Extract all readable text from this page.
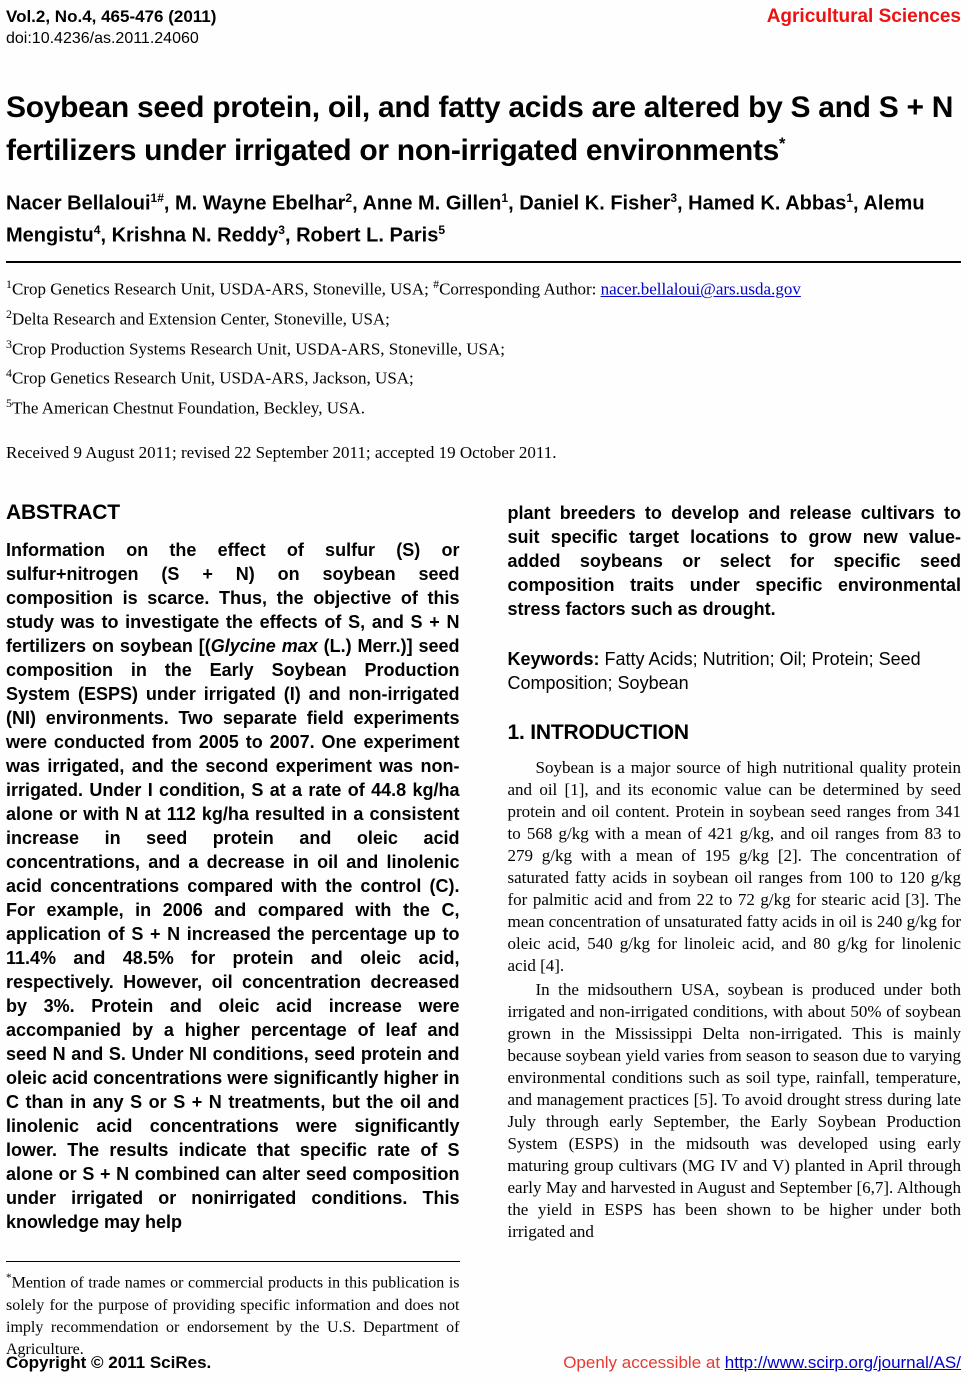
Vol.2, No.4, 465-476 (2011)
doi:10.4236/as.2011.24060
Agricultural Sciences
Soybean seed protein, oil, and fatty acids are altered by S and S + N fertilizers under irrigated or non-irrigated environments*
Nacer Bellaloui$^{1\#}$, M. Wayne Ebelhar$^2$, Anne M. Gillen$^1$, Daniel K. Fisher$^3$, Hamed K. Abbas$^1$, Alemu Mengistu$^4$, Krishna N. Reddy$^3$, Robert L. Paris$^5$
$^1$Crop Genetics Research Unit, USDA-ARS, Stoneville, USA; #Corresponding Author: nacer.bellaloui@ars.usda.gov
$^2$Delta Research and Extension Center, Stoneville, USA;
$^3$Crop Production Systems Research Unit, USDA-ARS, Stoneville, USA;
$^4$Crop Genetics Research Unit, USDA-ARS, Jackson, USA;
$^5$The American Chestnut Foundation, Beckley, USA.
Received 9 August 2011; revised 22 September 2011; accepted 19 October 2011.
ABSTRACT

Information on the effect of sulfur (S) or sulfur+nitrogen (S + N) on soybean seed composition is scarce. Thus, the objective of this study was to investigate the effects of S, and S + N fertilizers on soybean [(Glycine max (L.) Merr.)] seed composition in the Early Soybean Production System (ESPS) under irrigated (I) and non-irrigated (NI) environments. Two separate field experiments were conducted from 2005 to 2007. One experiment was irrigated, and the second experiment was non-irrigated. Under I condition, S at a rate of 44.8 kg/ha alone or with N at 112 kg/ha resulted in a consistent increase in seed protein and oleic acid concentrations, and a decrease in oil and linolenic acid concentrations compared with the control (C). For example, in 2006 and compared with the C, application of S + N increased the percentage up to 11.4% and 48.5% for protein and oleic acid, respectively. However, oil concentration decreased by 3%. Protein and oleic acid increase were accompanied by a higher percentage of leaf and seed N and S. Under NI conditions, seed protein and oleic acid concentrations were significantly higher in C than in any S or S + N treatments, but the oil and linolenic acid concentrations were significantly lower. The results indicate that specific rate of S alone or S + N combined can alter seed composition under irrigated or nonirrigated conditions. This knowledge may help

*Mention of trade names or commercial products in this publication is solely for the purpose of providing specific information and does not imply recommendation or endorsement by the U.S. Department of Agriculture.

plant breeders to develop and release cultivars to suit specific target locations to grow new value-added soybeans or select for specific seed composition traits under specific environmental stress factors such as drought.

Keywords: Fatty Acids; Nutrition; Oil; Protein; Seed Composition; Soybean

1. INTRODUCTION

Soybean is a major source of high nutritional quality protein and oil [1], and its economic value can be determined by seed protein and oil content. Protein in soybean seed ranges from 341 to 568 g/kg with a mean of 421 g/kg, and oil ranges from 83 to 279 g/kg with a mean of 195 g/kg [2]. The concentration of saturated fatty acids in soybean oil ranges from 100 to 120 g/kg for palmitic acid and from 22 to 72 g/kg for stearic acid [3]. The mean concentration of unsaturated fatty acids in oil is 240 g/kg for oleic acid, 540 g/kg for linoleic acid, and 80 g/kg for linolenic acid [4].

In the midsouthern USA, soybean is produced under both irrigated and non-irrigated conditions, with about 50% of soybean grown in the Mississippi Delta non-irrigated. This is mainly because soybean yield varies from season to season due to varying environmental conditions such as soil type, rainfall, temperature, and management practices [5]. To avoid drought stress during late July through early September, the Early Soybean Production System (ESPS) in the midsouth was developed using early maturing group cultivars (MG IV and V) planted in April through early May and harvested in August and September [6,7]. Although the yield in ESPS has been shown to be higher under both irrigated and

Copyright © 2011 SciRes.	Openly accessible at http://www.scirp.org/journal/AS/
